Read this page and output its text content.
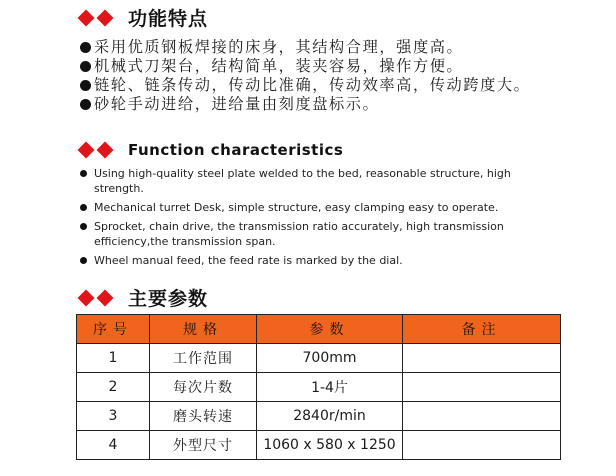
功能特点
采用优质钢板焊接的床身，其结构合理，强度高。
机械式刀架台，结构简单，装夹容易，操作方便。
链轮、链条传动，传动比准确，传动效率高，传动跨度大。
砂轮手动进给，进给量由刻度盘标示。
Function characteristics
Using high-quality steel plate welded to the bed, reasonable structure, high strength.
Mechanical turret Desk, simple structure, easy clamping easy to operate.
Sprocket, chain drive, the transmission ratio accurately, high transmission efficiency,the transmission span.
Wheel manual feed, the feed rate is marked by the dial.
主要参数
序号	规格	参数	备注
1	工作范围	700mm	
2	每次片数	1-4片	
3	磨头转速	2840r/min	
4	外型尺寸	1060 x 580 x 1250	
